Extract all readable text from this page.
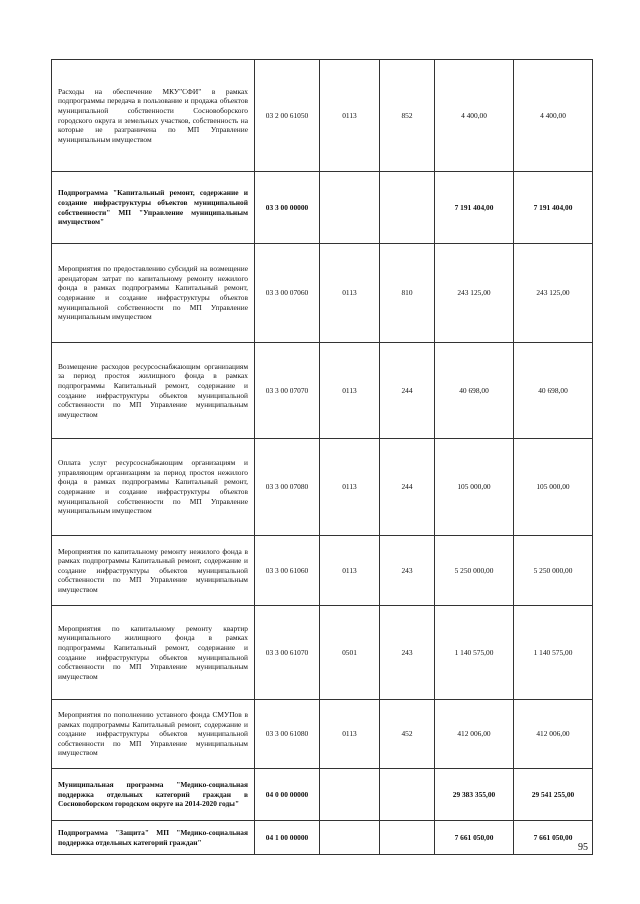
Расходы на обеспечение МКУ"СФИ" в рамках подпрограммы передача в пользование и продажа объектов муниципальной собственности Сосновоборского городского округа и земельных участков, собственность на которые не разграничена по МП Управление муниципальным имуществом	03 2 00 61050	0113	852	4 400,00	4 400,00
Подпрограмма "Капитальный ремонт, содержание и создание инфраструктуры объектов муниципальной собственности" МП "Управление муниципальным имуществом"	03 3 00 00000			7 191 404,00	7 191 404,00
Мероприятия по предоставлению субсидий на возмещение арендаторам затрат по капитальному ремонту нежилого фонда в рамках подпрограммы Капитальный ремонт, содержание и создание инфраструктуры объектов муниципальной собственности по МП Управление муниципальным имуществом	03 3 00 07060	0113	810	243 125,00	243 125,00
Возмещение расходов ресурсоснабжающим организациям за период простоя жилищного фонда в рамках подпрограммы Капитальный ремонт, содержание и создание инфраструктуры объектов муниципальной собственности по МП Управление муниципальным имуществом	03 3 00 07070	0113	244	40 698,00	40 698,00
Оплата услуг ресурсоснабжающим организациям и управляющим организациям за период простоя нежилого фонда в рамках подпрограммы Капитальный ремонт, содержание и создание инфраструктуры объектов муниципальной собственности по МП Управление муниципальным имуществом	03 3 00 07080	0113	244	105 000,00	105 000,00
Мероприятия по капитальному ремонту нежилого фонда в рамках подпрограммы Капитальный ремонт, содержание и создание инфраструктуры объектов муниципальной собственности по МП Управление муниципальным имуществом	03 3 00 61060	0113	243	5 250 000,00	5 250 000,00
Мероприятия по капитальному ремонту квартир муниципального жилищного фонда в рамках подпрограммы Капитальный ремонт, содержание и создание инфраструктуры объектов муниципальной собственности по МП Управление муниципальным имуществом	03 3 00 61070	0501	243	1 140 575,00	1 140 575,00
Мероприятия по пополнению уставного фонда СМУПов в рамках подпрограммы Капитальный ремонт, содержание и создание инфраструктуры объектов муниципальной собственности по МП Управление муниципальным имуществом	03 3 00 61080	0113	452	412 006,00	412 006,00
Муниципальная программа "Медико-социальная поддержка отдельных категорий граждан в Сосновоборском городском округе на 2014-2020 годы"	04 0 00 00000			29 383 355,00	29 541 255,00
Подпрограмма "Защита" МП "Медико-социальная поддержка отдельных категорий граждан"	04 1 00 00000			7 661 050,00	7 661 050,00
95
